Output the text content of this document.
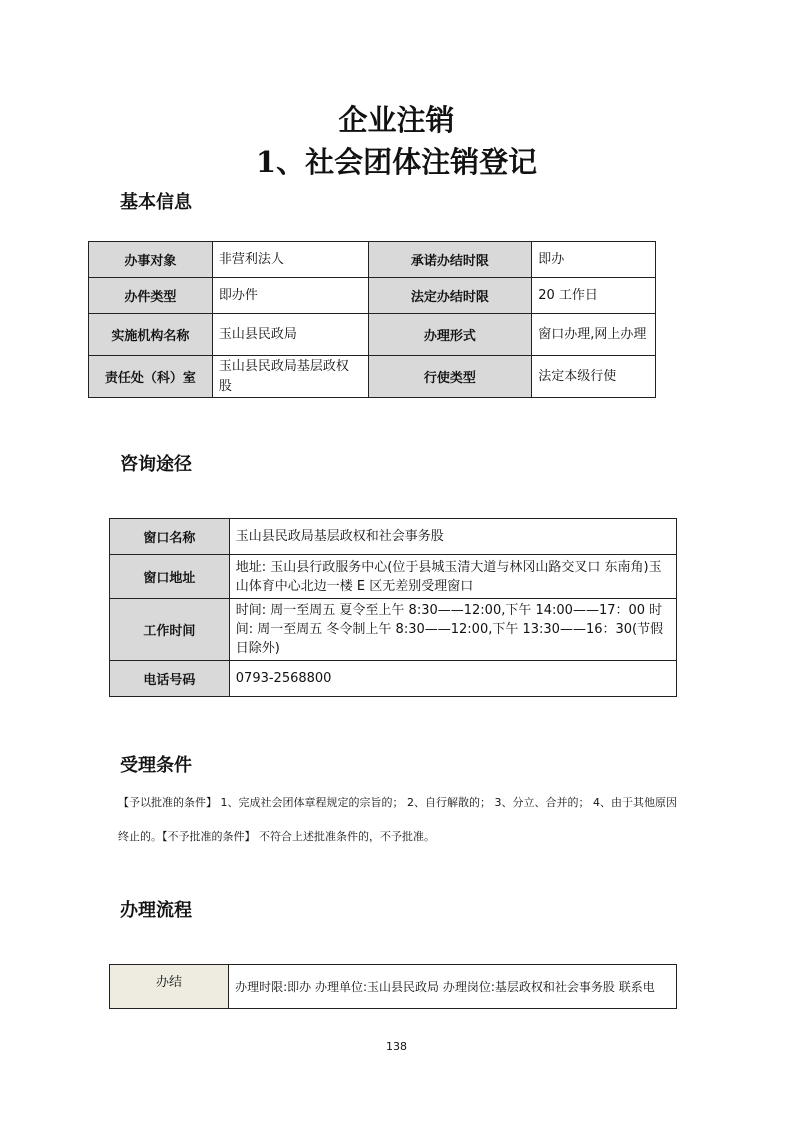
企业注销
1、社会团体注销登记
基本信息
办事对象	非营利法人	承诺办结时限	即办
办件类型	即办件	法定办结时限	20 工作日
实施机构名称	玉山县民政局	办理形式	窗口办理,网上办理
责任处（科）室	玉山县民政局基层政权股	行使类型	法定本级行使
咨询途径
窗口名称	玉山县民政局基层政权和社会事务股
窗口地址	地址: 玉山县行政服务中心(位于县城玉清大道与林冈山路交叉口 东南角)玉山体育中心北边一楼 E 区无差别受理窗口
工作时间	时间: 周一至周五 夏令至上午 8:30——12:00,下午 14:00——17：00 时间: 周一至周五 冬令制上午 8:30——12:00,下午 13:30——16：30(节假日除外)
电话号码	0793-2568800
受理条件
【予以批准的条件】 1、完成社会团体章程规定的宗旨的； 2、自行解散的； 3、分立、合并的； 4、由于其他原因终止的。【不予批准的条件】 不符合上述批准条件的，不予批准。
办理流程
办结	办理时限:即办 办理单位:玉山县民政局 办理岗位:基层政权和社会事务股 联系电
138
